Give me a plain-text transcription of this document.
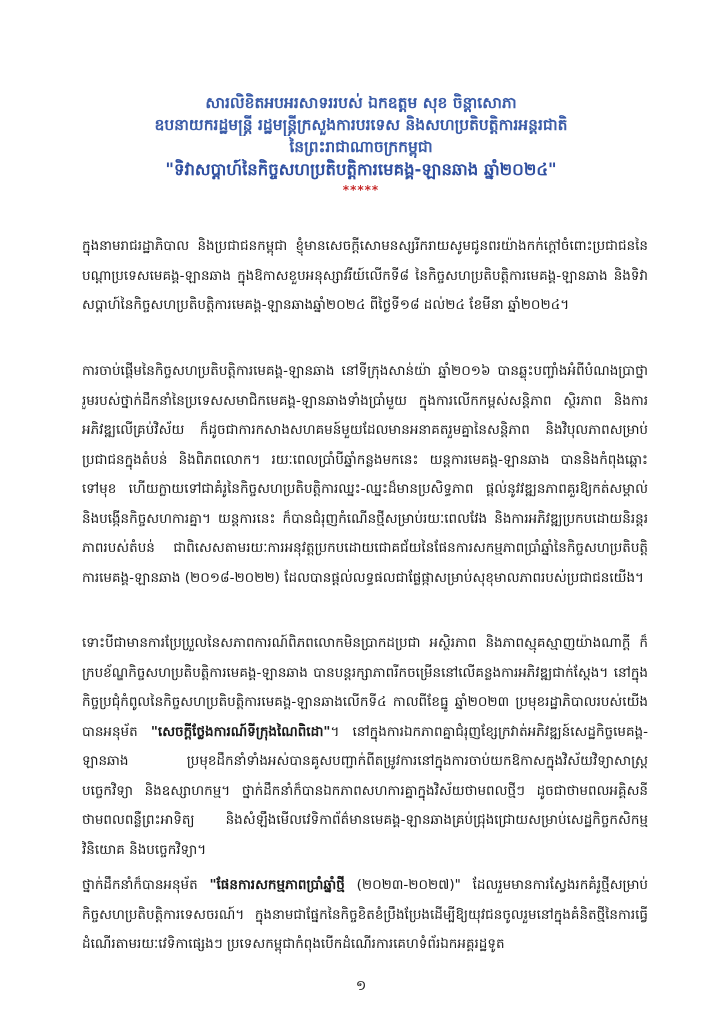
សារលិខិតអបអរសាទររបស់ ឯកឧត្តម សុខ ចិន្តាសោភា
ឧបនាយករដ្ឋមន្ត្រី រដ្ឋមន្ត្រីក្រសួងការបរទេស និងសហប្រតិបត្តិការអន្តរជាតិ
នៃព្រះរាជាណាចក្រកម្ពុជា
"ទិវាសប្តាហ៍នៃកិច្ចសហប្រតិបត្តិការមេគង្គ-ឡានឆាង ឆ្នាំ២០២៤"
*****

ក្នុងនាមរាជរដ្ឋាភិបាល និងប្រជាជនកម្ពុជា ខ្ញុំមានសេចក្តីសោមនស្សរីករាយសូមជូនពរយ៉ាងកក់ក្តៅចំពោះប្រជាជននៃបណ្តាប្រទេសមេគង្គ-ឡានឆាង ក្នុងឱកាសខួបអនុស្សាវរីយ៍លើកទី៨ នៃកិច្ចសហប្រតិបត្តិការមេគង្គ-ឡានឆាង និងទិវាសប្តាហ៍នៃកិច្ចសហប្រតិបត្តិការមេគង្គ-ឡានឆាងឆ្នាំ២០២៤ ពីថ្ងៃទី១៨ ដល់២៤ ខែមីនា ឆ្នាំ២០២៤។

ការចាប់ផ្តើមនៃកិច្ចសហប្រតិបត្តិការមេគង្គ-ឡានឆាង នៅទីក្រុងសាន់យ៉ា ឆ្នាំ២០១៦ បានឆ្លុះបញ្ចាំងអំពីបំណងប្រាថ្នារួមរបស់ថ្នាក់ដឹកនាំនៃប្រទេសសមាជិកមេគង្គ-ឡានឆាងទាំងប្រាំមួយ ក្នុងការលើកកម្ពស់សន្តិភាព ស្ថិរភាព និងការអភិវឌ្ឍលើគ្រប់វិស័យ ក៏ដូចជាការកសាងសហគមន៍មួយដែលមានអនាគតរួមគ្នានៃសន្តិភាព និងវិបុលភាពសម្រាប់ប្រជាជនក្នុងតំបន់ និងពិភពលោក។ រយៈពេលប្រាំបីឆ្នាំកន្លងមកនេះ យន្តការមេគង្គ-ឡានឆាង បាននិងកំពុងឆ្ពោះទៅមុខ ហើយក្លាយទៅជាគំរូនៃកិច្ចសហប្រតិបត្តិការឈ្នះ-ឈ្នះដ៏មានប្រសិទ្ធភាព ផ្តល់នូវវឌ្ឍនភាពគួរឱ្យកត់សម្គាល់ និងបង្កើនកិច្ចសហការគ្នា។ យន្តការនេះ ក៏បានជំរុញកំណើនថ្មីសម្រាប់រយៈពេលវែង និងការអភិវឌ្ឍប្រកបដោយនិរន្តរភាពរបស់តំបន់ ជាពិសេសតាមរយៈការអនុវត្តប្រកបដោយជោគជ័យនៃផែនការសកម្មភាពប្រាំឆ្នាំនៃកិច្ចសហប្រតិបត្តិការមេគង្គ-ឡានឆាង (២០១៨-២០២២) ដែលបានផ្តល់លទ្ធផលជាផ្លែផ្កាសម្រាប់សុខុមាលភាពរបស់ប្រជាជនយើង។

ទោះបីជាមានការប្រែប្រួលនៃសភាពការណ៍ពិភពលោកមិនប្រាកដប្រជា អស្ថិរភាព និងភាពស្មុគស្មាញយ៉ាងណាក្តី ក៏ក្របខ័ណ្ឌកិច្ចសហប្រតិបត្តិការមេគង្គ-ឡានឆាង បានបន្តរក្សាភាពរីកចម្រើននៅលើគន្លងការអភិវឌ្ឍជាក់ស្តែង។ នៅក្នុងកិច្ចប្រជុំកំពូលនៃកិច្ចសហប្រតិបត្តិការមេគង្គ-ឡានឆាងលើកទី៤ កាលពីខែធ្នូ ឆ្នាំ២០២៣ ប្រមុខរដ្ឋាភិបាលរបស់យើងបានអនុម័ត "សេចក្តីថ្លែងការណ៍ទីក្រុងណៃពិដោ"។ នៅក្នុងការឯកភាពគ្នាជំរុញខ្សែក្រវាត់អភិវឌ្ឍន៍សេដ្ឋកិច្ចមេគង្គ-ឡានឆាង ប្រមុខដឹកនាំទាំងអស់បានគូសបញ្ជាក់ពីតម្រូវការនៅក្នុងការចាប់យកឱកាសក្នុងវិស័យវិទ្យាសាស្ត្រ បច្ចេកវិទ្យា និងឧស្សាហកម្ម។ ថ្នាក់ដឹកនាំក៏បានឯកភាពសហការគ្នាក្នុងវិស័យថាមពលថ្មីៗ ដូចជាថាមពលអគ្គិសនី ថាមពលពន្លឺព្រះអាទិត្យ និងសំឡឹងមើលវេទិកាព័ត៌មានមេគង្គ-ឡានឆាងគ្រប់ជ្រុងជ្រោយសម្រាប់សេដ្ឋកិច្ចកសិកម្ម វិនិយោគ និងបច្ចេកវិទ្យា។

ថ្នាក់ដឹកនាំក៏បានអនុម័ត "ផែនការសកម្មភាពប្រាំឆ្នាំថ្មី (២០២៣-២០២៧)" ដែលរួមមានការស្វែងរកគំរូថ្មីសម្រាប់កិច្ចសហប្រតិបត្តិការទេសចរណ៍។ ក្នុងនាមជាផ្នែកនៃកិច្ចខិតខំប្រឹងប្រែងដើម្បីឱ្យយុវជនចូលរួមនៅក្នុងគំនិតថ្មីនៃការធ្វើដំណើរតាមរយៈវេទិកាផ្សេងៗ ប្រទេសកម្ពុជាកំពុងបើកដំណើរការគេហទំព័រឯកអគ្គរដ្ឋទូត

១
